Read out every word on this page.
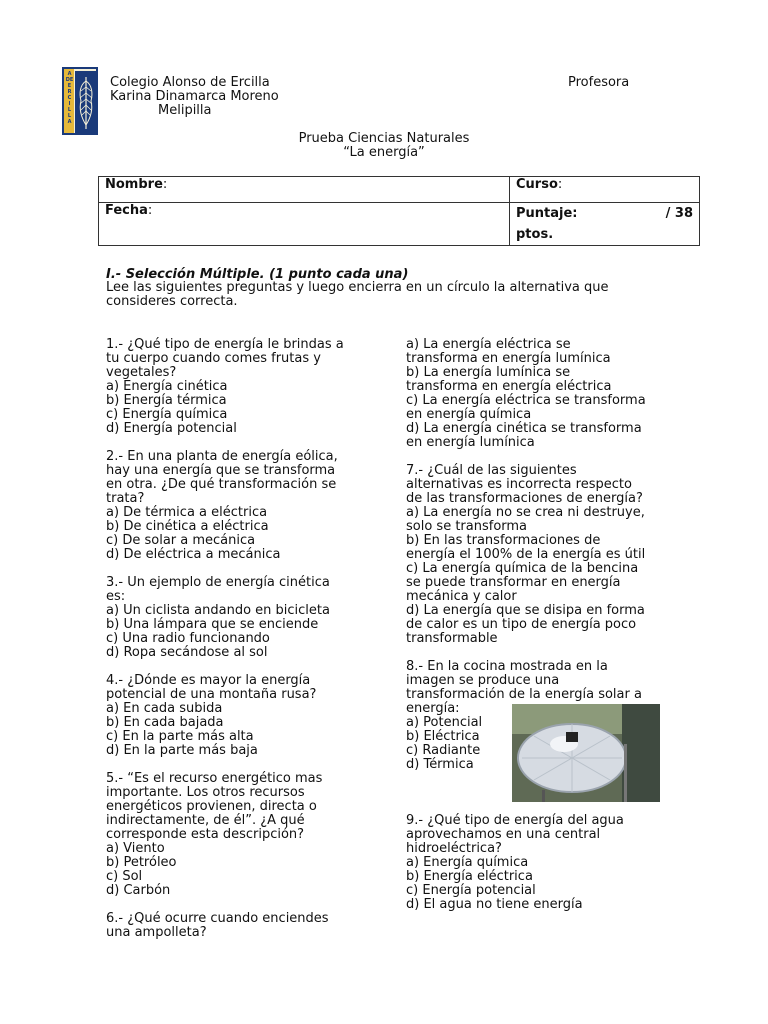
A
DE
E
R
C
I
L
L
A
Colegio Alonso de Ercilla
Karina Dinamarca Moreno
Melipilla
Profesora
Prueba Ciencias Naturales
“La energía”
Nombre:	Curso:
Fecha:	Puntaje: / 38

ptos.
I.- Selección Múltiple. (1 punto cada una)
Lee las siguientes preguntas y luego encierra en un círculo la alternativa que consideres correcta.
1.- ¿Qué tipo de energía le brindas a
tu cuerpo cuando comes frutas y
vegetales?
a) Energía cinética
b) Energía térmica
c) Energía química
d) Energía potencial
2.- En una planta de energía eólica,
hay una energía que se transforma
en otra. ¿De qué transformación se
trata?
a) De térmica a eléctrica
b) De cinética a eléctrica
c) De solar a mecánica
d) De eléctrica a mecánica
3.- Un ejemplo de energía cinética
es:
a) Un ciclista andando en bicicleta
b) Una lámpara que se enciende
c) Una radio funcionando
d) Ropa secándose al sol
4.- ¿Dónde es mayor la energía
potencial de una montaña rusa?
a) En cada subida
b) En cada bajada
c) En la parte más alta
d) En la parte más baja
5.- “Es el recurso energético mas
importante. Los otros recursos
energéticos provienen, directa o
indirectamente, de él”. ¿A qué
corresponde esta descripción?
a) Viento
b) Petróleo
c) Sol
d) Carbón
6.- ¿Qué ocurre cuando enciendes
una ampolleta?
a) La energía eléctrica se
transforma en energía lumínica
b) La energía lumínica se
transforma en energía eléctrica
c) La energía eléctrica se transforma
en energía química
d) La energía cinética se transforma
en energía lumínica
7.- ¿Cuál de las siguientes
alternativas es incorrecta respecto
de las transformaciones de energía?
a) La energía no se crea ni destruye,
solo se transforma
b) En las transformaciones de
energía el 100% de la energía es útil
c) La energía química de la bencina
se puede transformar en energía
mecánica y calor
d) La energía que se disipa en forma
de calor es un tipo de energía poco
transformable
8.- En la cocina mostrada en la
imagen se produce una
transformación de la energía solar a
energía:
a) Potencial
b) Eléctrica
c) Radiante
d) Térmica
9.- ¿Qué tipo de energía del agua
aprovechamos en una central
hidroeléctrica?
a) Energía química
b) Energía eléctrica
c) Energía potencial
d) El agua no tiene energía
